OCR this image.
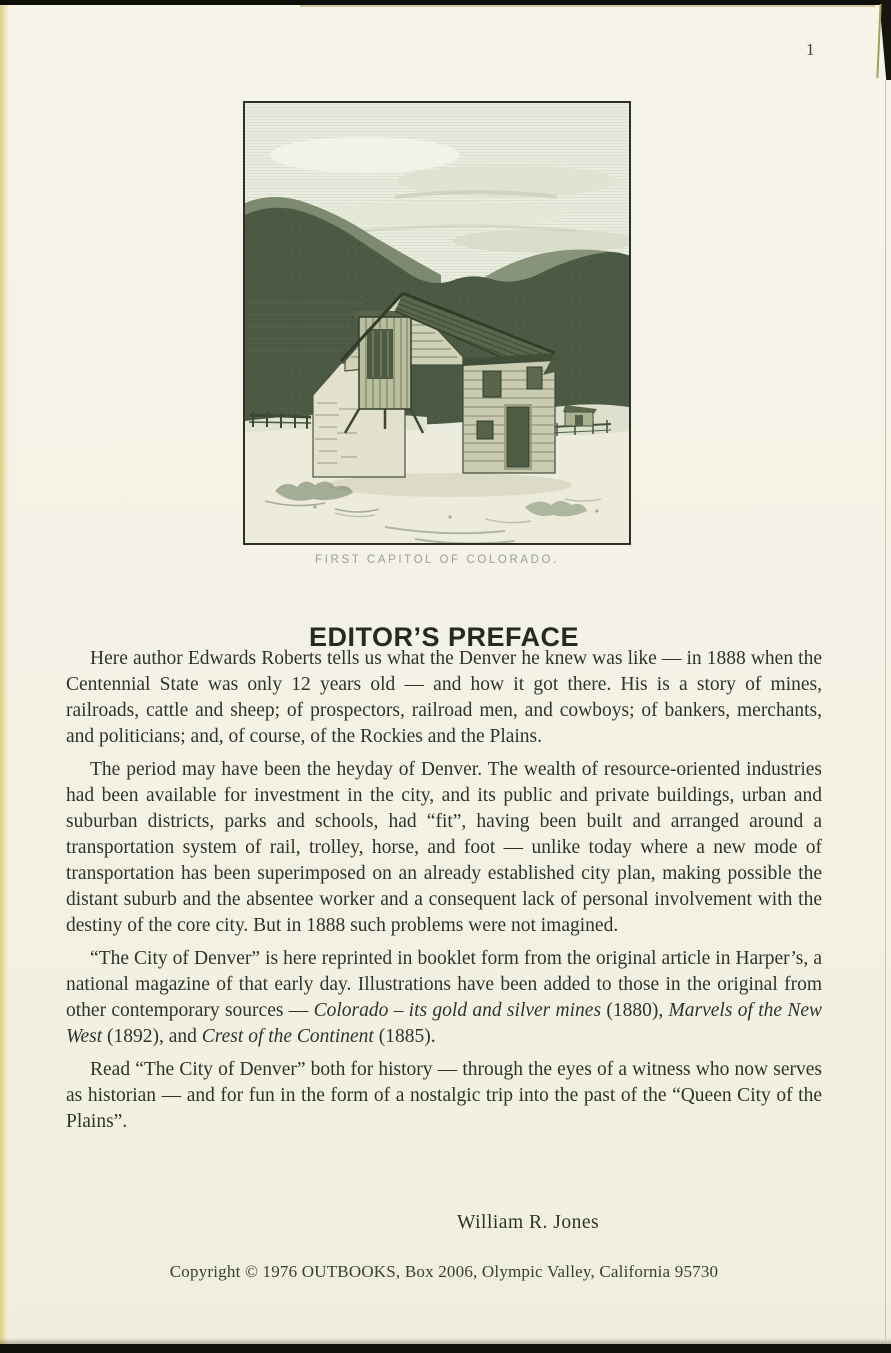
1
FIRST CAPITOL OF COLORADO.
EDITOR’S PREFACE

Here author Edwards Roberts tells us what the Denver he knew was like — in 1888 when the Centennial State was only 12 years old — and how it got there. His is a story of mines, railroads, cattle and sheep; of prospectors, railroad men, and cowboys; of bankers, merchants, and politicians; and, of course, of the Rockies and the Plains.

The period may have been the heyday of Denver. The wealth of resource-oriented industries had been available for investment in the city, and its public and private buildings, urban and suburban districts, parks and schools, had “fit”, having been built and arranged around a transportation system of rail, trolley, horse, and foot — unlike today where a new mode of transportation has been superimposed on an already established city plan, making possible the distant suburb and the absentee worker and a consequent lack of personal involvement with the destiny of the core city. But in 1888 such problems were not imagined.

“The City of Denver” is here reprinted in booklet form from the original article in Harper’s, a national magazine of that early day. Illustrations have been added to those in the original from other contemporary sources — Colorado – its gold and silver mines (1880), Marvels of the New West (1892), and Crest of the Continent (1885).

Read “The City of Denver” both for history — through the eyes of a witness who now serves as historian — and for fun in the form of a nostalgic trip into the past of the “Queen City of the Plains”.

William R. Jones
Copyright © 1976 OUTBOOKS, Box 2006, Olympic Valley, California 95730
